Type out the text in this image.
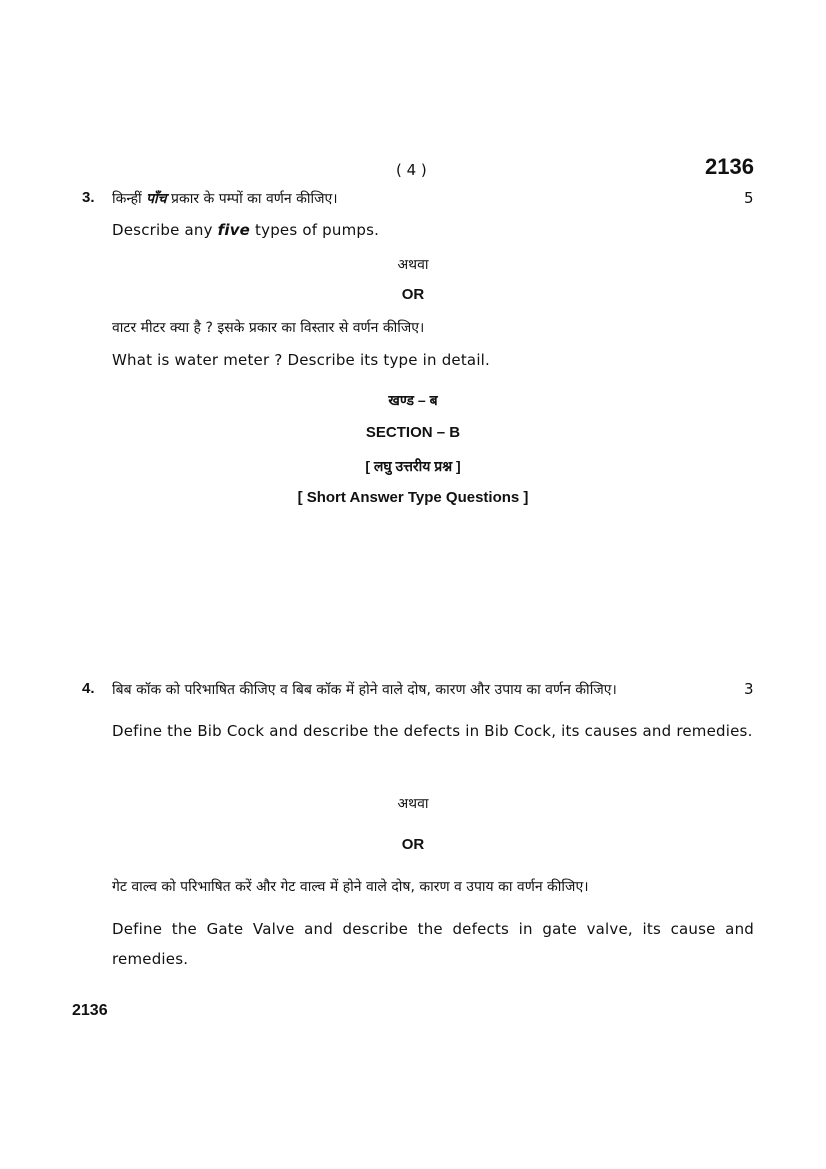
( 4 )	2136
3. किन्हीं पाँच प्रकार के पम्पों का वर्णन कीजिए।	5
Describe any five types of pumps.
अथवा
OR
वाटर मीटर क्या है ? इसके प्रकार का विस्तार से वर्णन कीजिए।
What is water meter ? Describe its type in detail.
खण्ड – ब
SECTION – B
[ लघु उत्तरीय प्रश्न ]
[ Short Answer Type Questions ]
4. बिब कॉक को परिभाषित कीजिए व बिब कॉक में होने वाले दोष, कारण और उपाय का वर्णन कीजिए।	3
Define the Bib Cock and describe the defects in Bib Cock, its causes and remedies.
अथवा
OR
गेट वाल्व को परिभाषित करें और गेट वाल्व में होने वाले दोष, कारण व उपाय का वर्णन कीजिए।
Define the Gate Valve and describe the defects in gate valve, its cause and remedies.
2136
